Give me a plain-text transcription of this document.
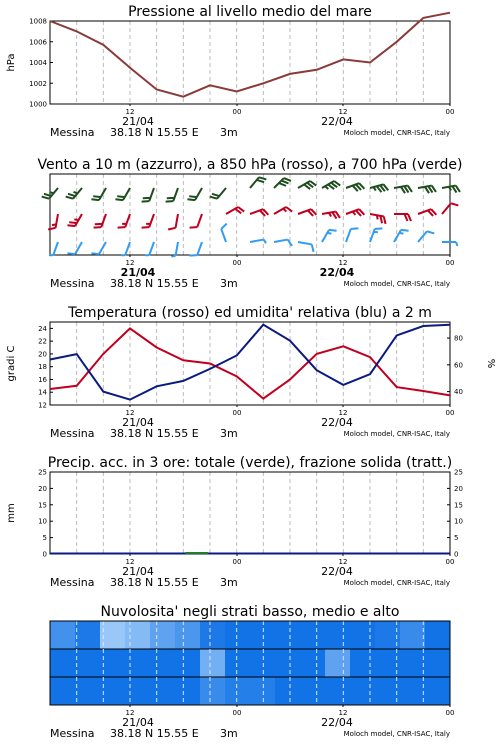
Pressione al livello medio del mare
12	00	12	00
21/04	22/04
Messina 38.18 N 15.55 E 3m	Moloch model, CNR-ISAC, Italy
1000
1002
1004
1006
1008
hPa
Vento a 10 m (azzurro), a 850 hPa (rosso), a 700 hPa (verde)
12	00	12	00
21/04	22/04
Messina 38.18 N 15.55 E 3m	Moloch model, CNR-ISAC, Italy
Temperatura (rosso) ed umidita' relativa (blu) a 2 m
12	00	12	00
21/04	22/04
Messina 38.18 N 15.55 E 3m	Moloch model, CNR-ISAC, Italy
12
14
16
18
20
22
24
gradi C
40
60
80
%
Precip. acc. in 3 ore: totale (verde), frazione solida (tratt.)
12	00	12	00
21/04	22/04
Messina 38.18 N 15.55 E 3m	Moloch model, CNR-ISAC, Italy
0	0
5	5
10	10
15	15
20	20
25	25
mm
Nuvolosita' negli strati basso, medio e alto
12	00	12	00
21/04	22/04
Messina 38.18 N 15.55 E 3m	Moloch model, CNR-ISAC, Italy
